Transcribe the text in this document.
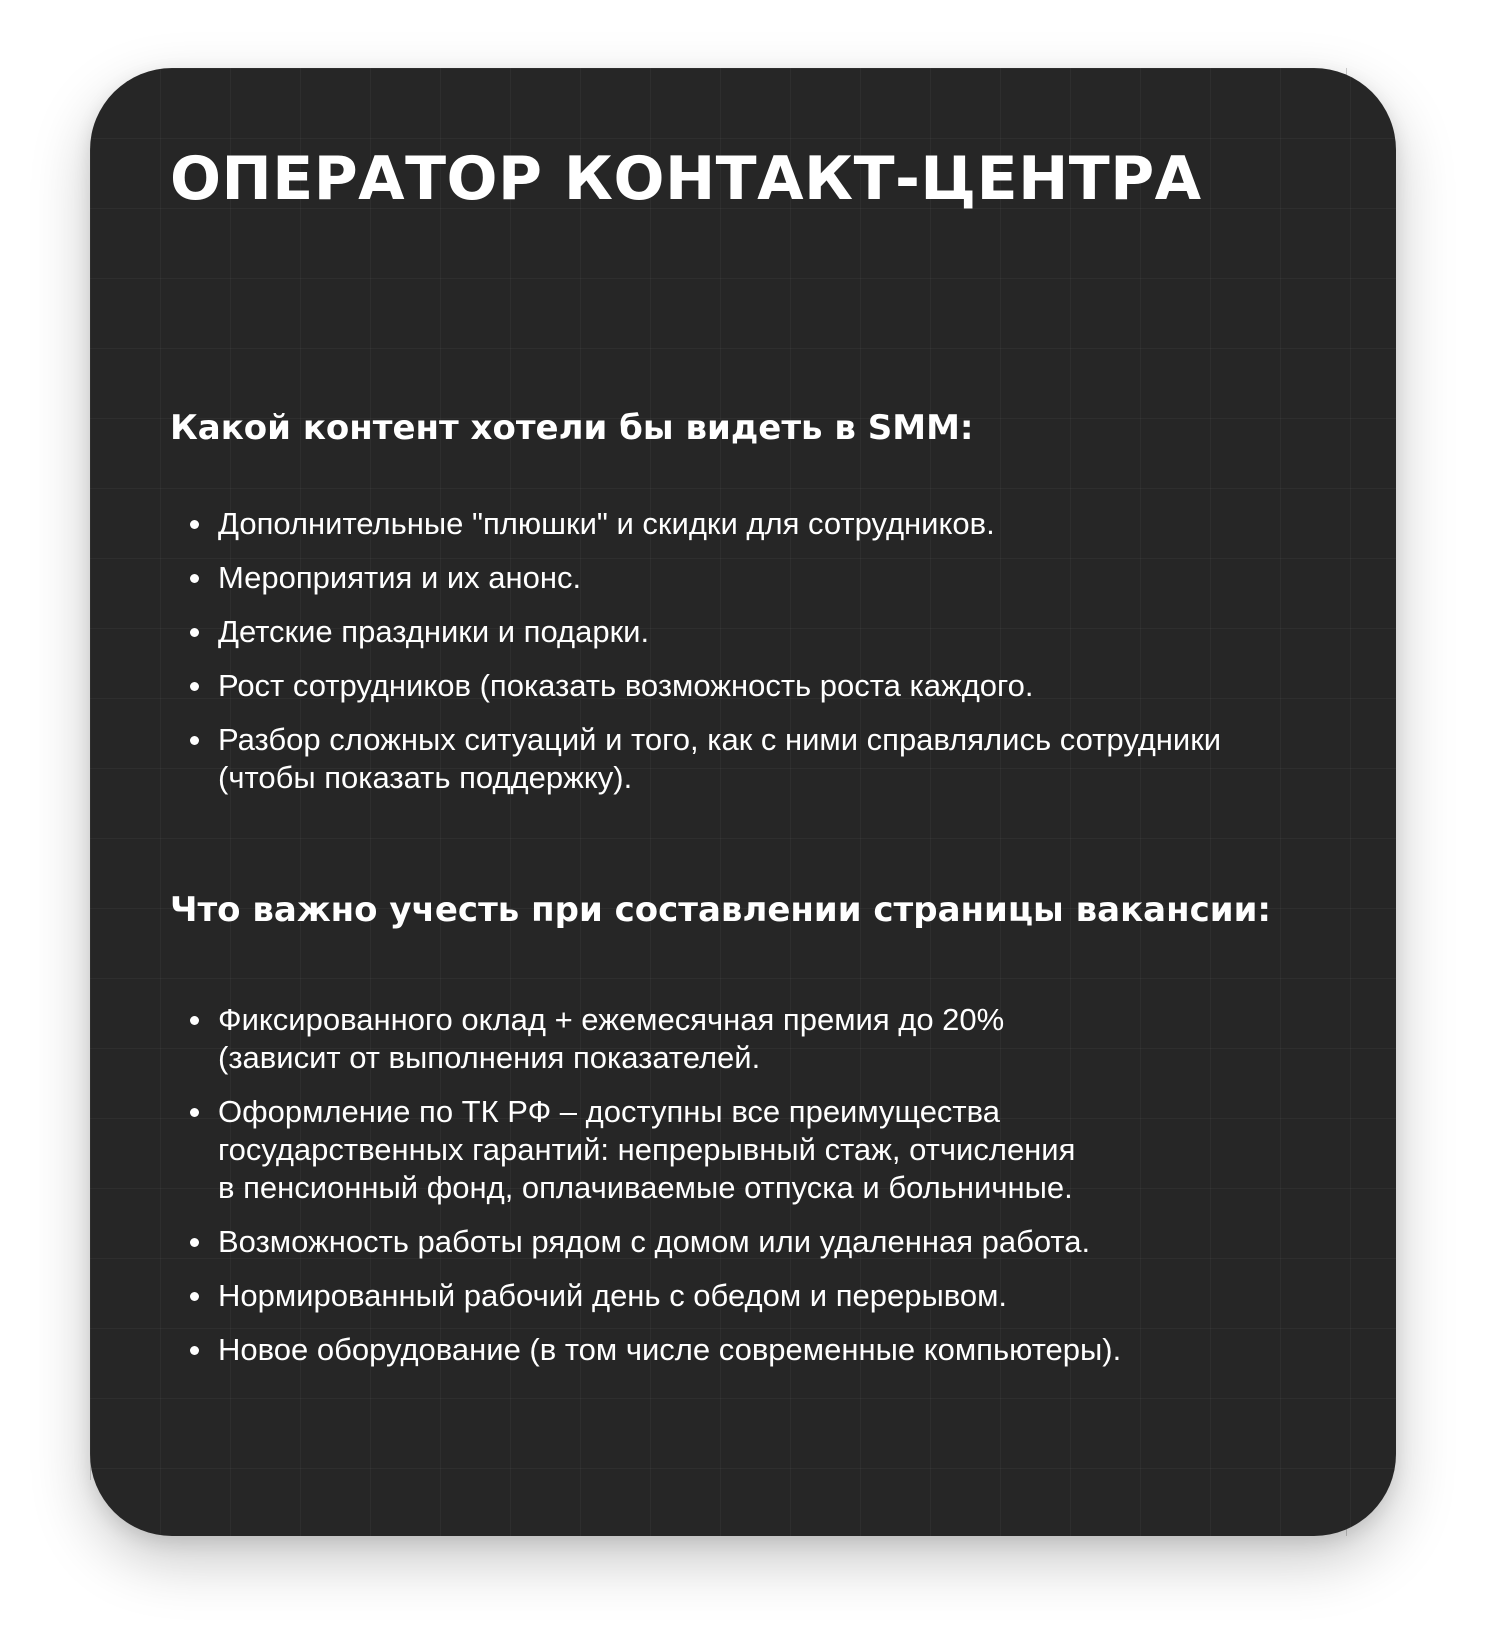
ОПЕРАТОР КОНТАКТ-ЦЕНТРА
Какой контент хотели бы видеть в SMM:
Дополнительные "плюшки" и скидки для сотрудников.
Мероприятия и их анонс.
Детские праздники и подарки.
Рост сотрудников (показать возможность роста каждого.
Разбор сложных ситуаций и того, как с ними справлялись сотрудники
(чтобы показать поддержку).
Что важно учесть при составлении страницы вакансии:
Фиксированного оклад + ежемесячная премия до 20%
(зависит от выполнения показателей.
Оформление по ТК РФ – доступны все преимущества
государственных гарантий: непрерывный стаж, отчисления
в пенсионный фонд, оплачиваемые отпуска и больничные.
Возможность работы рядом с домом или удаленная работа.
Нормированный рабочий день с обедом и перерывом.
Новое оборудование (в том числе современные компьютеры).
